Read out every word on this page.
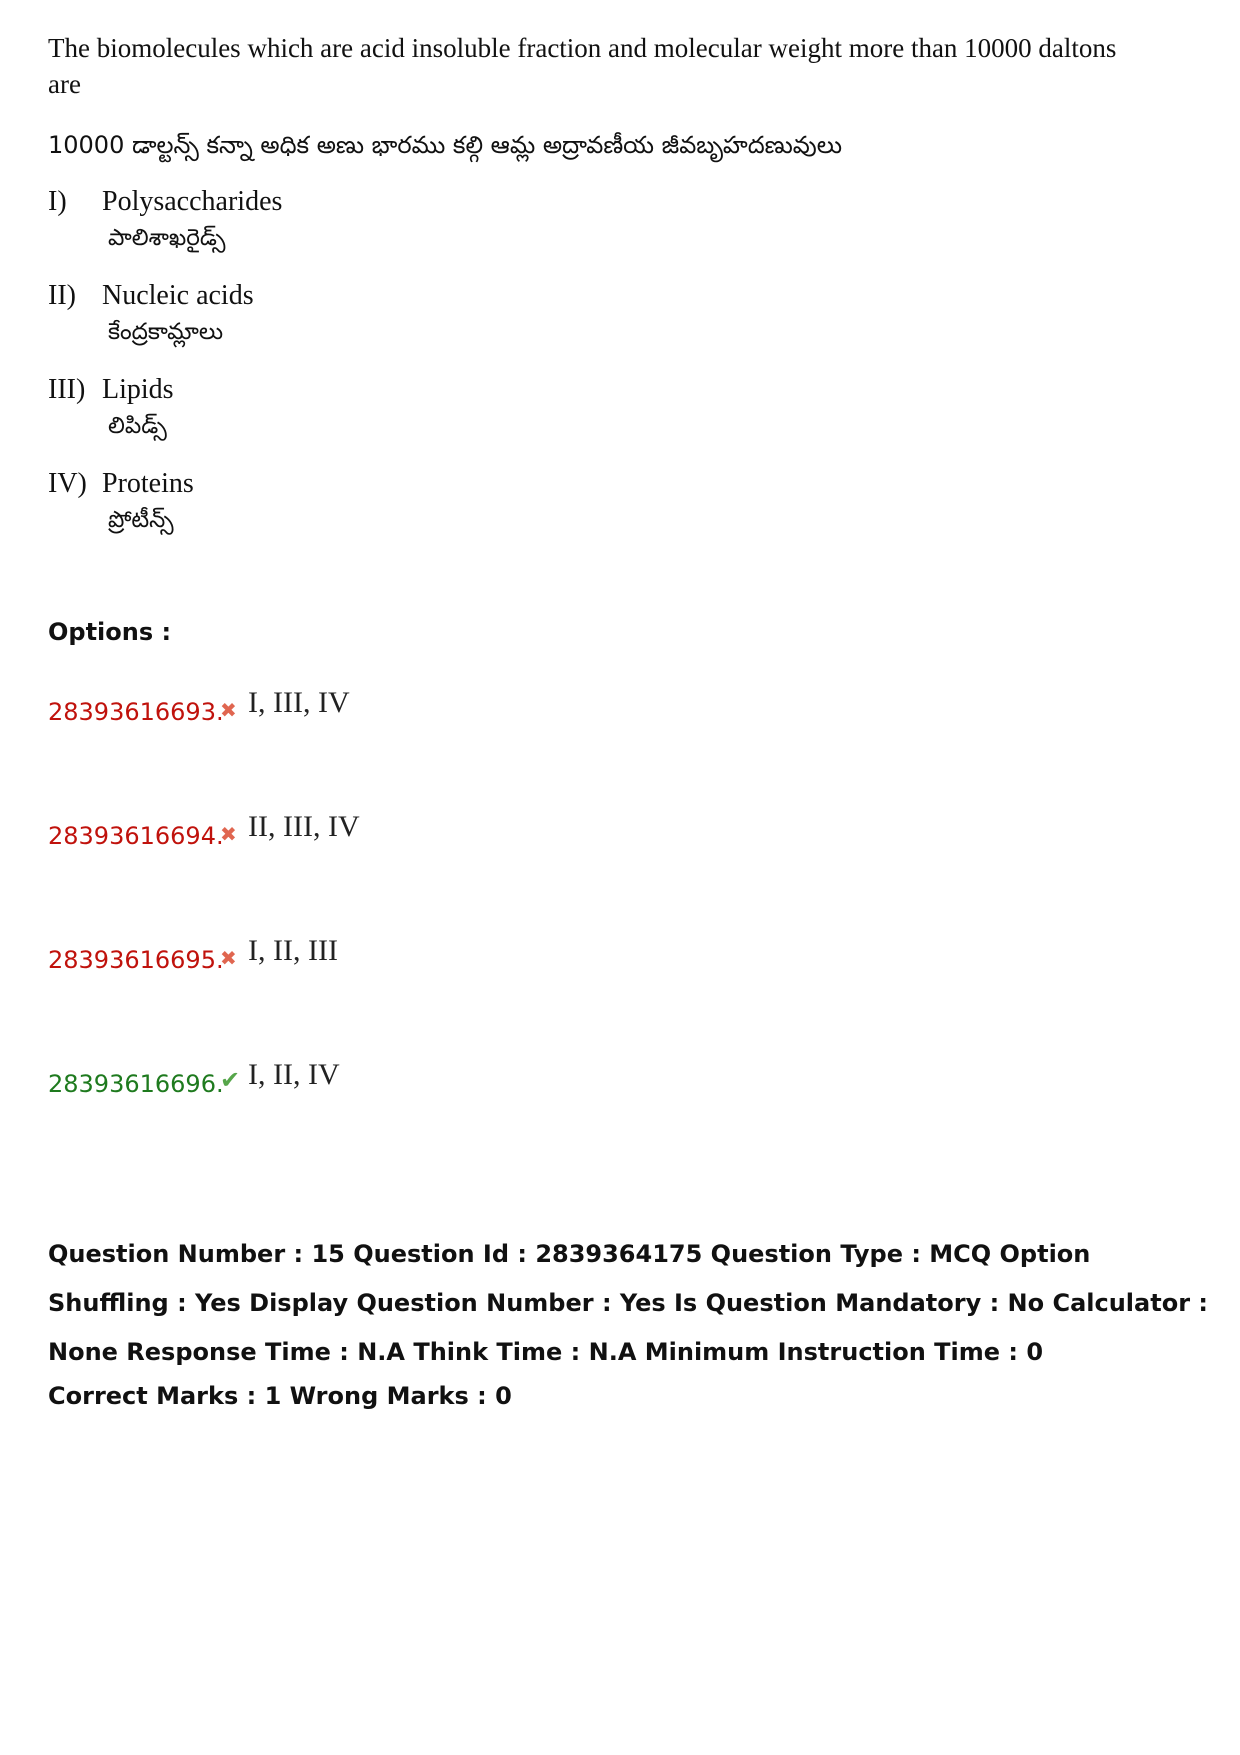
The biomolecules which are acid insoluble fraction and molecular weight more than 10000 daltons are

10000 డాల్టన్స్ కన్నా అధిక అణు భారము కల్గి ఆమ్ల అద్రావణీయ జీవబృహదణువులు

I) Polysaccharides
పాలిశాఖరైడ్స్
II) Nucleic acids
కేంద్రకామ్లాలు
III) Lipids
లిపిడ్స్
IV) Proteins
ప్రోటీన్స్
Options :
28393616693.
✖ I, III, IV
28393616694.
✖ II, III, IV
28393616695.
✖ I, II, III
28393616696.
✔ I, II, IV
Question Number : 15 Question Id : 2839364175 Question Type : MCQ Option Shuffling : Yes Display Question Number : Yes Is Question Mandatory : No Calculator : None Response Time : N.A Think Time : N.A Minimum Instruction Time : 0
Correct Marks : 1 Wrong Marks : 0
